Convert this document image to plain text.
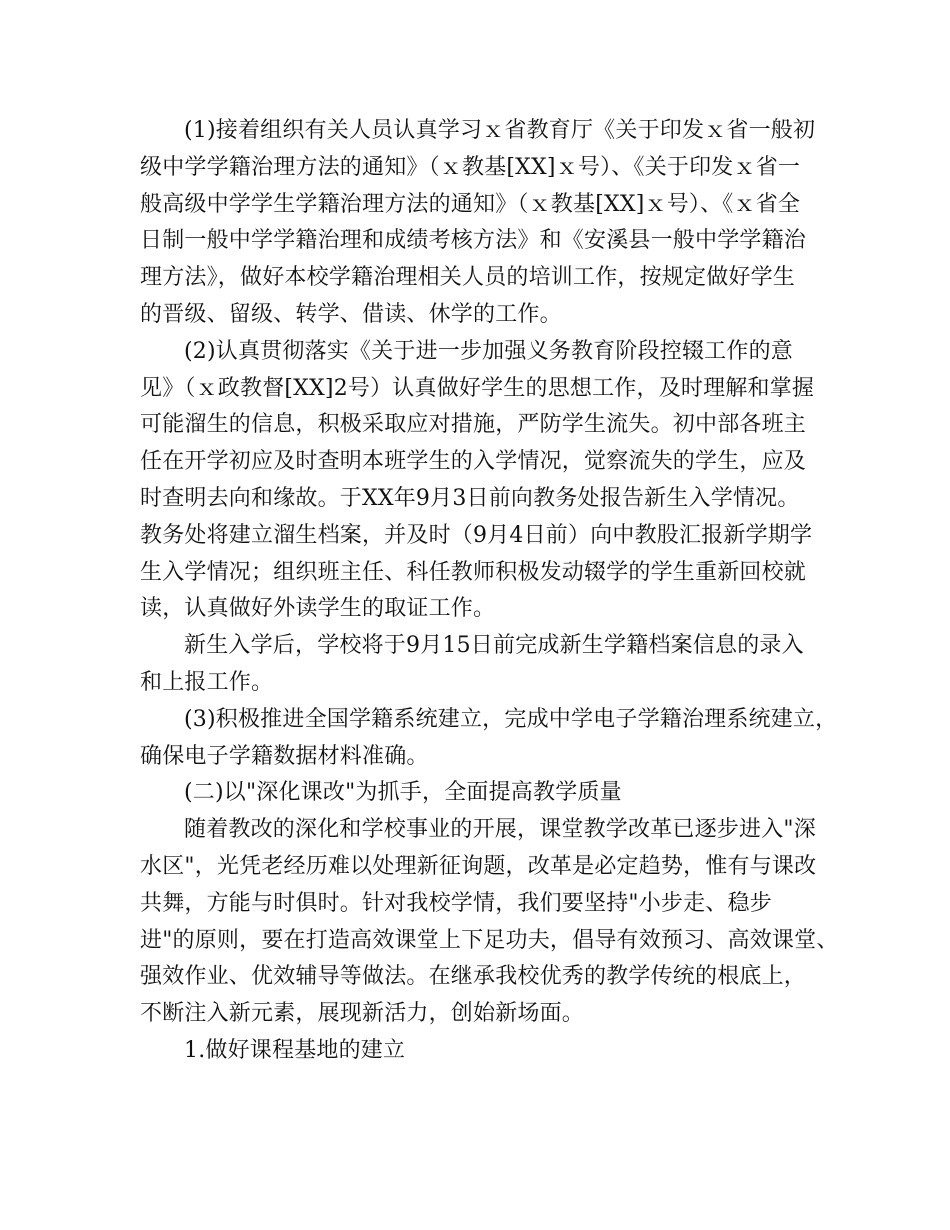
(1)接着组织有关人员认真学习ｘ省教育厅《关于印发ｘ省一般初
级中学学籍治理方法的通知》（ｘ教基[XX]ｘ号）、《关于印发ｘ省一
般高级中学学生学籍治理方法的通知》（ｘ教基[XX]ｘ号）、《ｘ省全
日制一般中学学籍治理和成绩考核方法》和《安溪县一般中学学籍治
理方法》，做好本校学籍治理相关人员的培训工作，按规定做好学生
的晋级、留级、转学、借读、休学的工作。

(2)认真贯彻落实《关于进一步加强义务教育阶段控辍工作的意
见》（ｘ政教督[XX]2号）认真做好学生的思想工作，及时理解和掌握
可能溜生的信息，积极采取应对措施，严防学生流失。初中部各班主
任在开学初应及时查明本班学生的入学情况，觉察流失的学生，应及
时查明去向和缘故。于XX年9月3日前向教务处报告新生入学情况。
教务处将建立溜生档案，并及时（9月4日前）向中教股汇报新学期学
生入学情况；组织班主任、科任教师积极发动辍学的学生重新回校就
读，认真做好外读学生的取证工作。

新生入学后，学校将于9月15日前完成新生学籍档案信息的录入
和上报工作。

(3)积极推进全国学籍系统建立，完成中学电子学籍治理系统建立，
确保电子学籍数据材料准确。

(二)以"深化课改"为抓手，全面提高教学质量

随着教改的深化和学校事业的开展，课堂教学改革已逐步进入"深
水区"，光凭老经历难以处理新征询题，改革是必定趋势，惟有与课改
共舞，方能与时俱时。针对我校学情，我们要坚持"小步走、稳步
进"的原则，要在打造高效课堂上下足功夫，倡导有效预习、高效课堂、
强效作业、优效辅导等做法。在继承我校优秀的教学传统的根底上，
不断注入新元素，展现新活力，创始新场面。

1.做好课程基地的建立
